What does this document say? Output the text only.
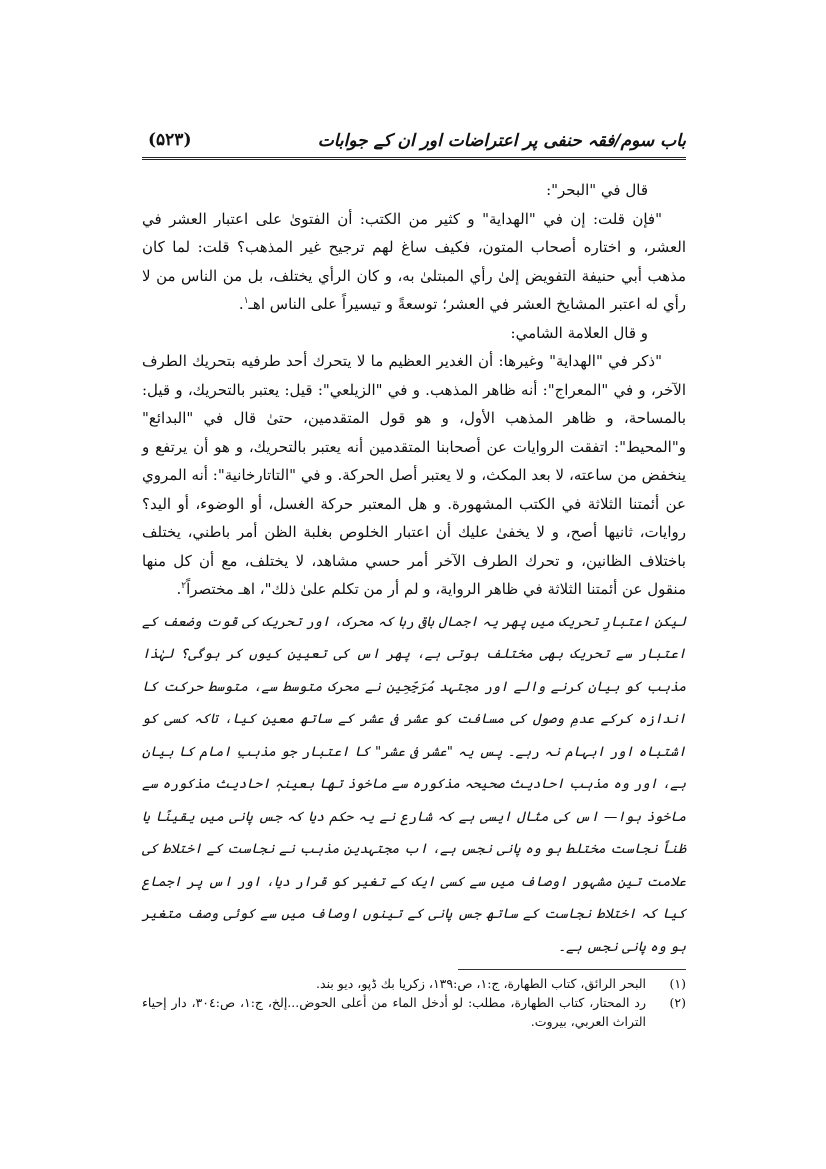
باب سوم/فقہ حنفی پر اعتراضات اور ان کے جوابات
(۵۲۳)

قال في "البحر":

"فإن قلت: إن في "الهداية" و كثير من الكتب: أن الفتوىٰ على اعتبار العشر في العشر، و اختاره أصحاب المتون، فكيف ساغ لهم ترجيح غير المذهب؟ قلت: لما كان مذهب أبي حنيفة التفويض إلىٰ رأي المبتلىٰ به، و كان الرأي يختلف، بل من الناس من لا رأي له اعتبر المشايخ العشر في العشر؛ توسعةً و تيسيراً على الناس اهـ$^١$.

و قال العلامة الشامي:

"ذكر في "الهداية" وغيرها: أن الغدير العظيم ما لا يتحرك أحد طرفيه بتحريك الطرف الآخر، و في "المعراج": أنه ظاهر المذهب. و في "الزيلعي": قيل: يعتبر بالتحريك، و قيل: بالمساحة، و ظاهر المذهب الأول، و هو قول المتقدمين، حتىٰ قال في "البدائع" و"المحيط": اتفقت الروايات عن أصحابنا المتقدمين أنه يعتبر بالتحريك، و هو أن يرتفع و ينخفض من ساعته، لا بعد المكث، و لا يعتبر أصل الحركة. و في "التاتارخانية": أنه المروي عن أئمتنا الثلاثة في الكتب المشهورة. و هل المعتبر حركة الغسل، أو الوضوء، أو اليد؟ روايات، ثانيها أصح، و لا يخفىٰ عليك أن اعتبار الخلوص بغلبة الظن أمر باطني، يختلف باختلاف الظانين، و تحرك الطرف الآخر أمر حسي مشاهد، لا يختلف، مع أن كل منها منقول عن أئمتنا الثلاثة في ظاهر الرواية، و لم أر من تكلم علىٰ ذلك"، اهـ مختصراً$^٢$.

لیکن اعتبارِ تحریک میں پھر یہ اجمال باقی رہا کہ محرک، اور تحریک کی قوت وضعف کے اعتبار سے تحریک بھی مختلف ہوتی ہے، پھر اس کی تعیین کیوں کر ہوگی؟ لہٰذا مذہب کو بیان کرنے والے اور مجتہد مُرَجِّحِین نے محرک متوسط سے، متوسط حرکت کا اندازہ کرکے عدمِ وصول کی مسافت کو عشر فی عشر کے ساتھ معین کیا، تاکہ کسی کو اشتباہ اور ابہام نہ رہے۔ پس یہ "عشر فی عشر" کا اعتبار جو مذہبِ امام کا بیان ہے، اور وہ مذہب احادیث صحیحہ مذکورہ سے ماخوذ تھا بعینہٖ احادیث مذکورہ سے ماخوذ ہوا— اس کی مثال ایسی ہے کہ شارع نے یہ حکم دیا کہ جس پانی میں یقینًا یا ظناً نجاست مختلط ہو وہ پانی نجس ہے، اب مجتہدین مذہب نے نجاست کے اختلاط کی علامت تین مشہور اوصاف میں سے کسی ایک کے تغیر کو قرار دیا، اور اس پر اجماع کیا کہ اختلاط نجاست کے ساتھ جس پانی کے تینوں اوصاف میں سے کوئی وصف متغیر ہو وہ پانی نجس ہے۔

(١)
البحر الرائق، كتاب الطهارة، ج:١، ص:١٣٩، زكريا بك ڈپو، ديو بند.
(٢)
رد المحتار، كتاب الطهارة، مطلب: لو أدخل الماء من أعلى الحوض...إلخ، ج:١، ص:٣٠٤، دار إحياء التراث العربي، بيروت.
